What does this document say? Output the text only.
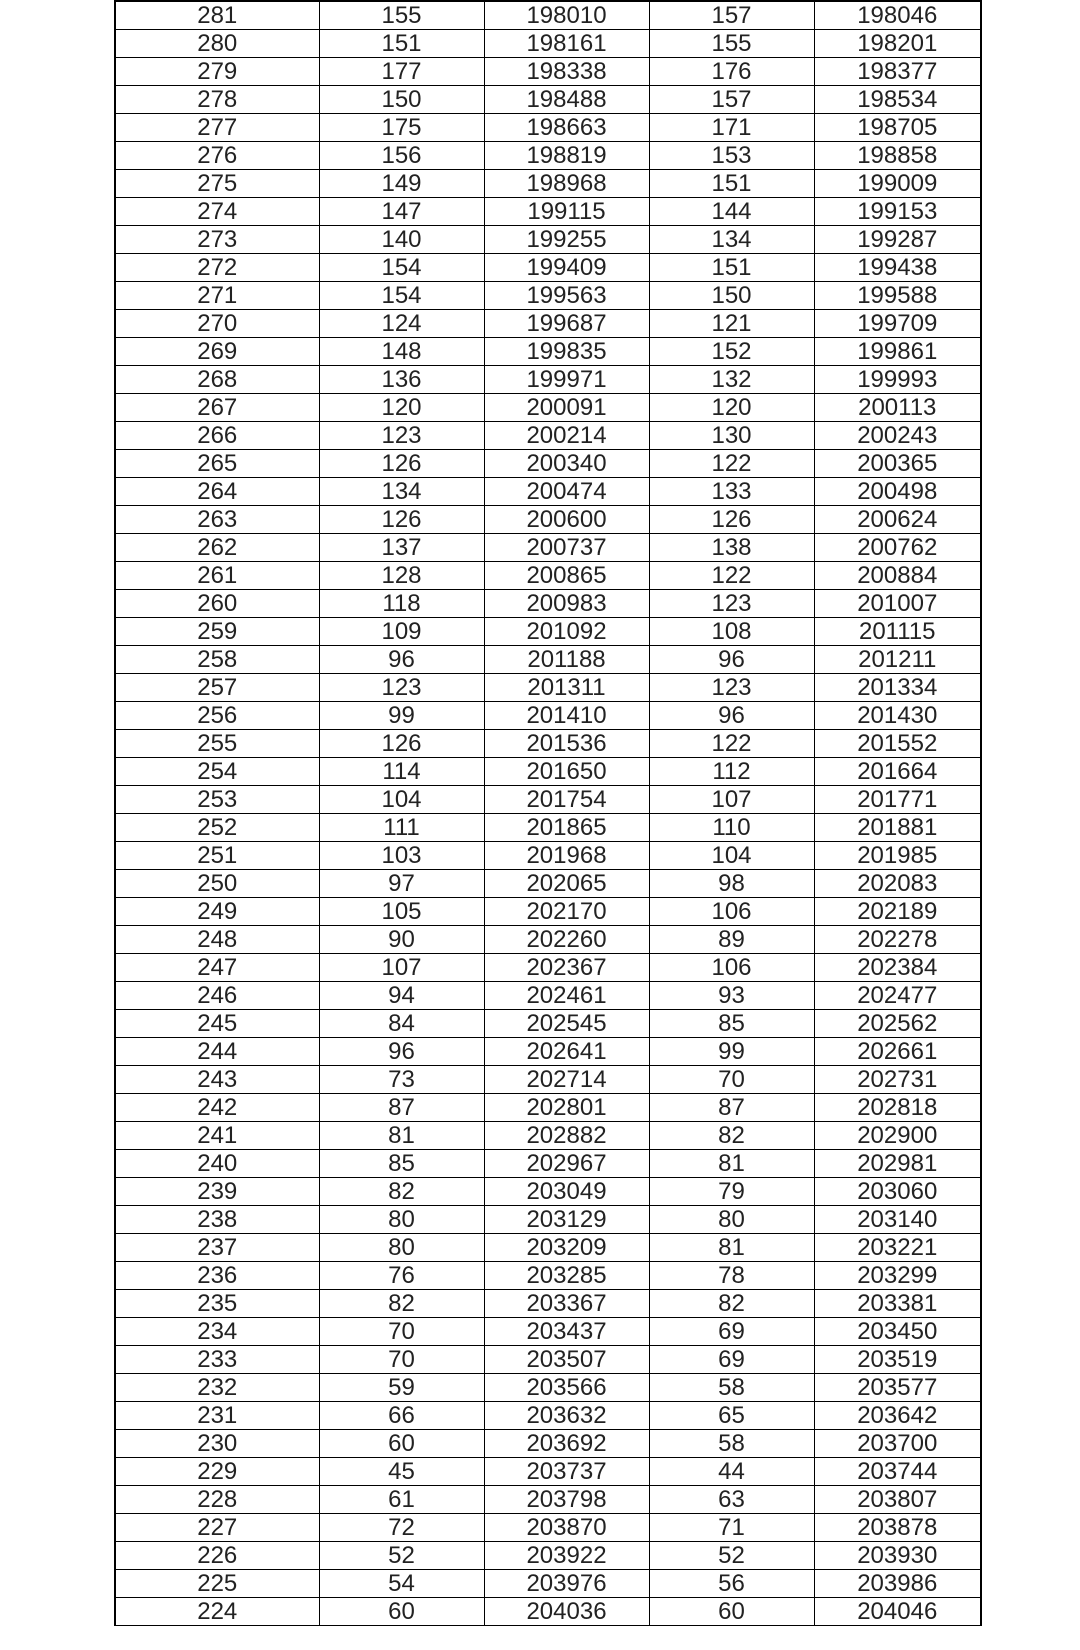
281	155	198010	157	198046
280	151	198161	155	198201
279	177	198338	176	198377
278	150	198488	157	198534
277	175	198663	171	198705
276	156	198819	153	198858
275	149	198968	151	199009
274	147	199115	144	199153
273	140	199255	134	199287
272	154	199409	151	199438
271	154	199563	150	199588
270	124	199687	121	199709
269	148	199835	152	199861
268	136	199971	132	199993
267	120	200091	120	200113
266	123	200214	130	200243
265	126	200340	122	200365
264	134	200474	133	200498
263	126	200600	126	200624
262	137	200737	138	200762
261	128	200865	122	200884
260	118	200983	123	201007
259	109	201092	108	201115
258	96	201188	96	201211
257	123	201311	123	201334
256	99	201410	96	201430
255	126	201536	122	201552
254	114	201650	112	201664
253	104	201754	107	201771
252	111	201865	110	201881
251	103	201968	104	201985
250	97	202065	98	202083
249	105	202170	106	202189
248	90	202260	89	202278
247	107	202367	106	202384
246	94	202461	93	202477
245	84	202545	85	202562
244	96	202641	99	202661
243	73	202714	70	202731
242	87	202801	87	202818
241	81	202882	82	202900
240	85	202967	81	202981
239	82	203049	79	203060
238	80	203129	80	203140
237	80	203209	81	203221
236	76	203285	78	203299
235	82	203367	82	203381
234	70	203437	69	203450
233	70	203507	69	203519
232	59	203566	58	203577
231	66	203632	65	203642
230	60	203692	58	203700
229	45	203737	44	203744
228	61	203798	63	203807
227	72	203870	71	203878
226	52	203922	52	203930
225	54	203976	56	203986
224	60	204036	60	204046
